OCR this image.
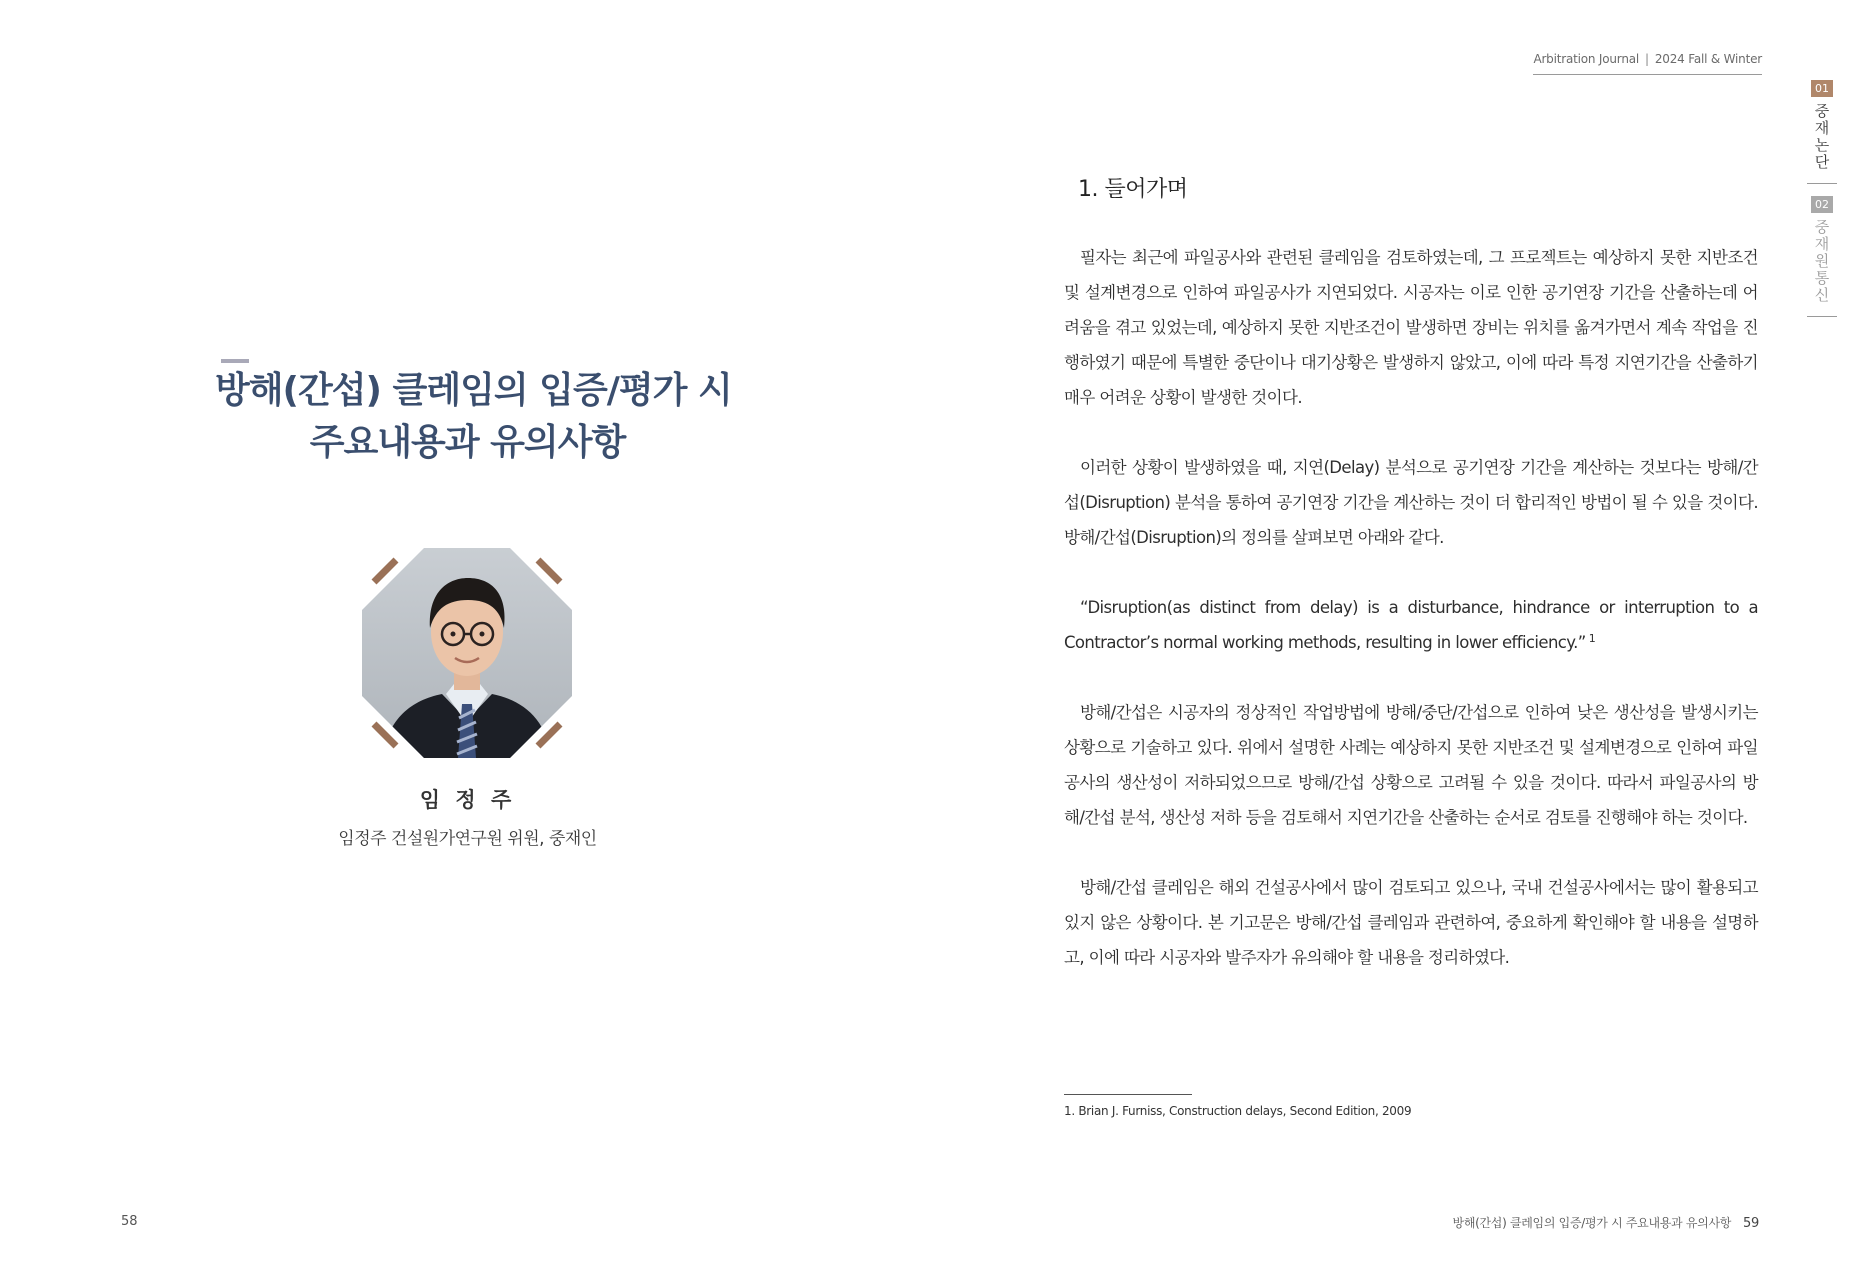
Arbitration Journal | 2024 Fall & Winter
01
중재논단
02
중재원통신
방해(간섭) 클레임의 입증/평가 시
주요내용과 유의사항
임 정 주
임정주 건설원가연구원 위원, 중재인
1. 들어가며

필자는 최근에 파일공사와 관련된 클레임을 검토하였는데, 그 프로젝트는 예상하지 못한 지반조건 및 설계변경으로 인하여 파일공사가 지연되었다. 시공자는 이로 인한 공기연장 기간을 산출하는데 어려움을 겪고 있었는데, 예상하지 못한 지반조건이 발생하면 장비는 위치를 옮겨가면서 계속 작업을 진행하였기 때문에 특별한 중단이나 대기상황은 발생하지 않았고, 이에 따라 특정 지연기간을 산출하기 매우 어려운 상황이 발생한 것이다.

이러한 상황이 발생하였을 때, 지연(Delay) 분석으로 공기연장 기간을 계산하는 것보다는 방해/간섭(Disruption) 분석을 통하여 공기연장 기간을 계산하는 것이 더 합리적인 방법이 될 수 있을 것이다. 방해/간섭(Disruption)의 정의를 살펴보면 아래와 같다.

“Disruption(as distinct from delay) is a disturbance, hindrance or interruption to a Contractor’s normal working methods, resulting in lower efficiency.” $^1$

방해/간섭은 시공자의 정상적인 작업방법에 방해/중단/간섭으로 인하여 낮은 생산성을 발생시키는 상황으로 기술하고 있다. 위에서 설명한 사례는 예상하지 못한 지반조건 및 설계변경으로 인하여 파일공사의 생산성이 저하되었으므로 방해/간섭 상황으로 고려될 수 있을 것이다. 따라서 파일공사의 방해/간섭 분석, 생산성 저하 등을 검토해서 지연기간을 산출하는 순서로 검토를 진행해야 하는 것이다.

방해/간섭 클레임은 해외 건설공사에서 많이 검토되고 있으나, 국내 건설공사에서는 많이 활용되고 있지 않은 상황이다. 본 기고문은 방해/간섭 클레임과 관련하여, 중요하게 확인해야 할 내용을 설명하고, 이에 따라 시공자와 발주자가 유의해야 할 내용을 정리하였다.

1. Brian J. Furniss, Construction delays, Second Edition, 2009
58	방해(간섭) 클레임의 입증/평가 시 주요내용과 유의사항 59
